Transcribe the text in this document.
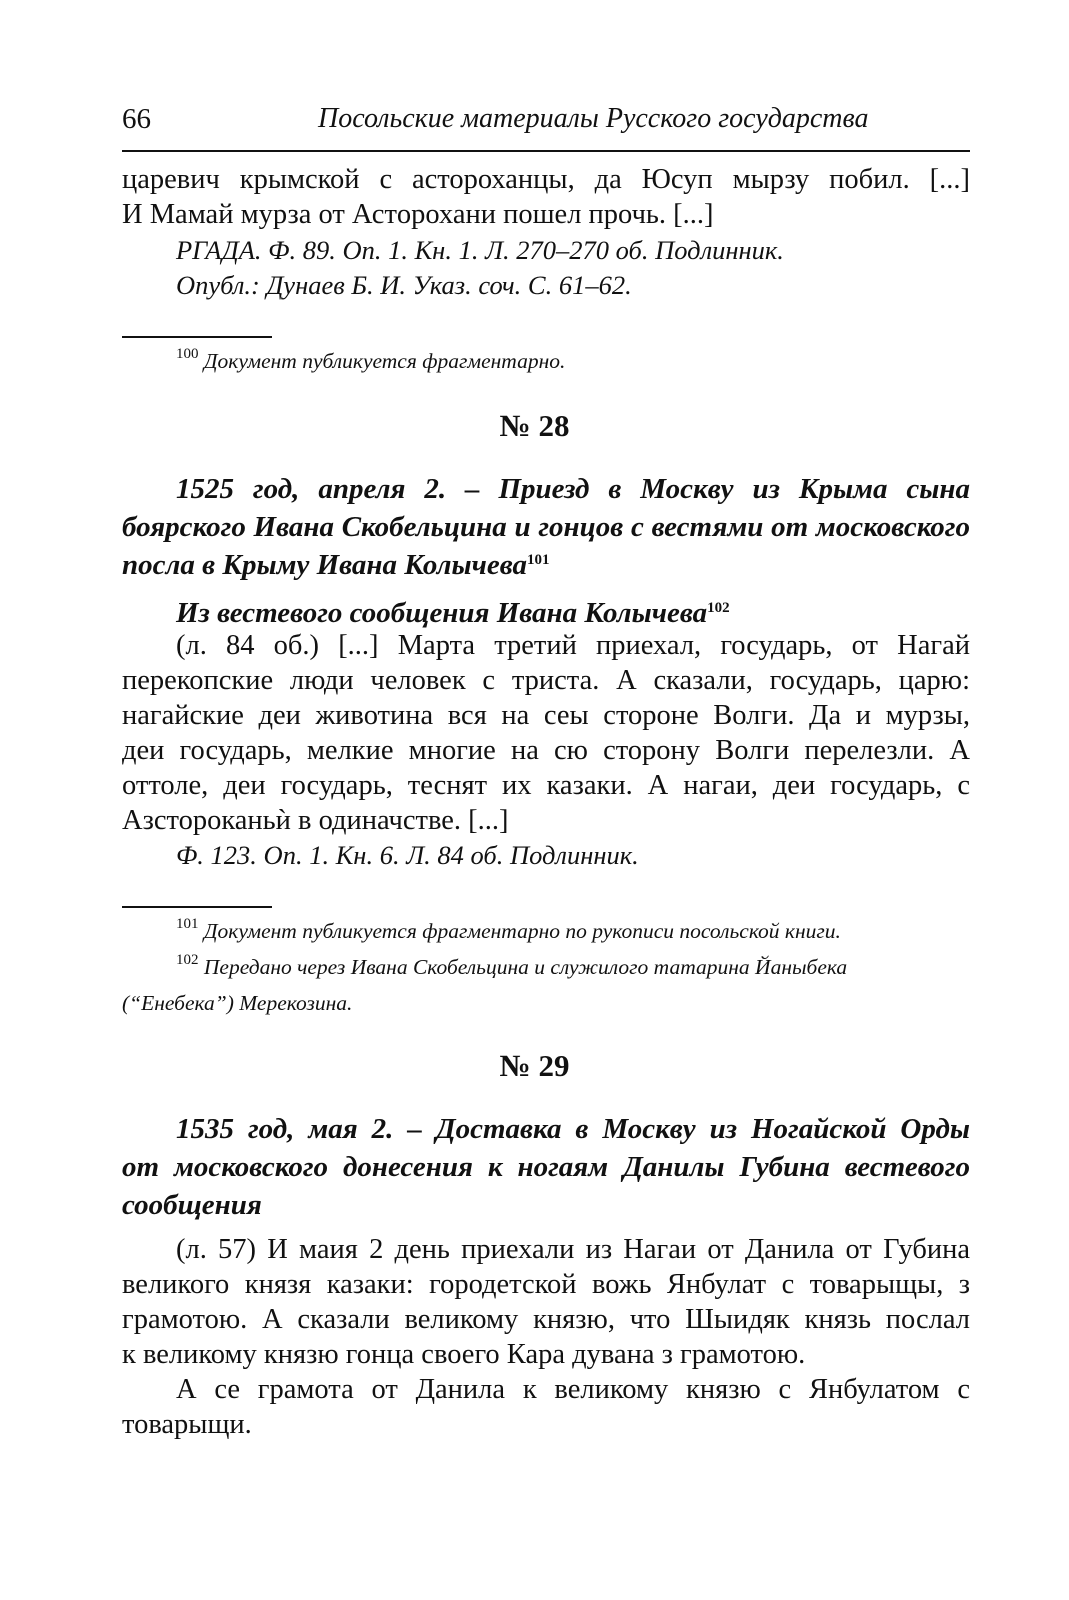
66	Посольские материалы Русского государства
царевич крымской с астороханцы, да Юсуп мырзу побил. [...]
И Мамай мурза от Астoрохани пошел прочь. [...]
РГАДА. Ф. 89. Оп. 1. Кн. 1. Л. 270–270 об. Подлинник.
Опубл.: Дунаев Б. И. Указ. соч. С. 61–62.
$^{100}$ Документ публикуется фрагментарно.
№ 28
1525 год, апреля 2. – Приезд в Москву из Крыма сына
боярского Ивана Скобельцина и гонцов с вестями от московского
посла в Крыму Ивана Колычева$^{101}$
Из вестевого сообщения Ивана Колычева$^{102}$
(л. 84 об.) [...] Марта третий приехал, государь, от Нагай
перекопские люди человек с триста. А сказали, государь, царю:
нагайские деи животина вся на сеы стороне Волги. Да и мурзы,
деи государь, мелкие многие на сю сторону Волги перелезли. А
оттоле, деи государь, теснят их казаки. А нагаи, деи государь, с
Азстороканьѝ в одиначстве. [...]
Ф. 123. Оп. 1. Кн. 6. Л. 84 об. Подлинник.
$^{101}$ Документ публикуется фрагментарно по рукописи посольской книги.
$^{102}$ Передано через Ивана Скобельцина и служилого татарина Йаныбека
(“Енебека”) Мерекозина.
№ 29
1535 год, мая 2. – Доставка в Москву из Ногайской Орды
от московского донесения к ногаям Данилы Губина вестевого
сообщения
(л. 57) И маия 2 день приехали из Нагаи от Данила от Губина
великого князя казаки: городетской вожь Янбулат с товарыщы, з
грамотою. А сказали великому князю, что Шыидяк князь послал
к великому князю гонца своего Кара дувана з грамотою.
А се грамота от Данила к великому князю с Янбулатом с
товарыщи.
